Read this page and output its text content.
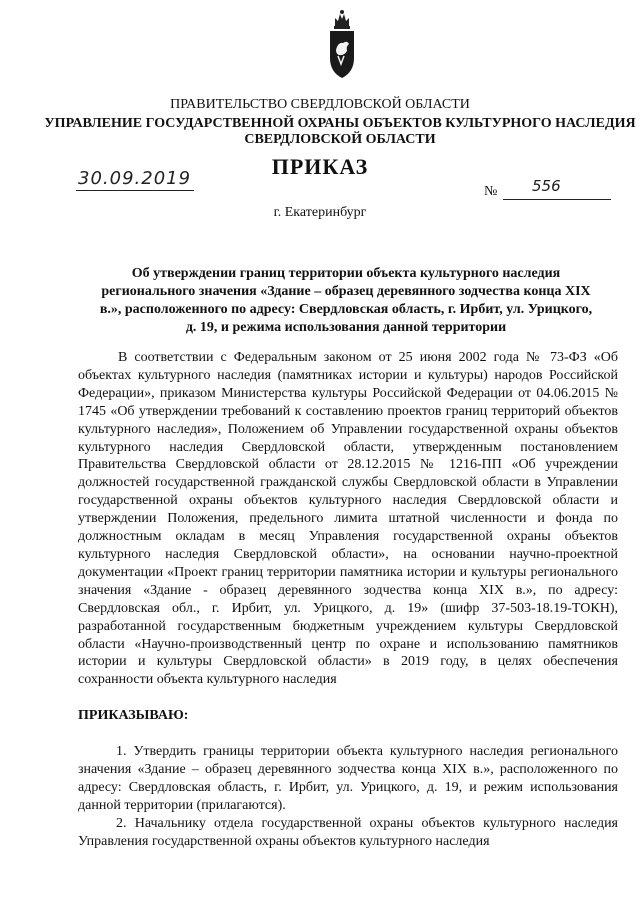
ПРАВИТЕЛЬСТВО СВЕРДЛОВСКОЙ ОБЛАСТИ
УПРАВЛЕНИЕ ГОСУДАРСТВЕННОЙ ОХРАНЫ ОБЪЕКТОВ КУЛЬТУРНОГО НАСЛЕДИЯ СВЕРДЛОВСКОЙ ОБЛАСТИ
ПРИКАЗ
30.09.2019
№ 556
г. Екатеринбург
Об утверждении границ территории объекта культурного наследия регионального значения «Здание – образец деревянного зодчества конца XIX в.», расположенного по адресу: Свердловская область, г. Ирбит, ул. Урицкого, д. 19, и режима использования данной территории

В соответствии с Федеральным законом от 25 июня 2002 года № 73-ФЗ «Об объектах культурного наследия (памятниках истории и культуры) народов Российской Федерации», приказом Министерства культуры Российской Федерации от 04.06.2015 № 1745 «Об утверждении требований к составлению проектов границ территорий объектов культурного наследия», Положением об Управлении государственной охраны объектов культурного наследия Свердловской области, утвержденным постановлением Правительства Свердловской области от 28.12.2015 № 1216-ПП «Об учреждении должностей государственной гражданской службы Свердловской области в Управлении государственной охраны объектов культурного наследия Свердловской области и утверждении Положения, предельного лимита штатной численности и фонда по должностным окладам в месяц Управления государственной охраны объектов культурного наследия Свердловской области», на основании научно-проектной документации «Проект границ территории памятника истории и культуры регионального значения «Здание - образец деревянного зодчества конца XIX в.», по адресу: Свердловская обл., г. Ирбит, ул. Урицкого, д. 19» (шифр 37-503-18.19-ТОКН), разработанной государственным бюджетным учреждением культуры Свердловской области «Научно-производственный центр по охране и использованию памятников истории и культуры Свердловской области» в 2019 году, в целях обеспечения сохранности объекта культурного наследия

ПРИКАЗЫВАЮ:

1. Утвердить границы территории объекта культурного наследия регионального значения «Здание – образец деревянного зодчества конца XIX в.», расположенного по адресу: Свердловская область, г. Ирбит, ул. Урицкого, д. 19, и режим использования данной территории (прилагаются).

2. Начальнику отдела государственной охраны объектов культурного наследия Управления государственной охраны объектов культурного наследия
